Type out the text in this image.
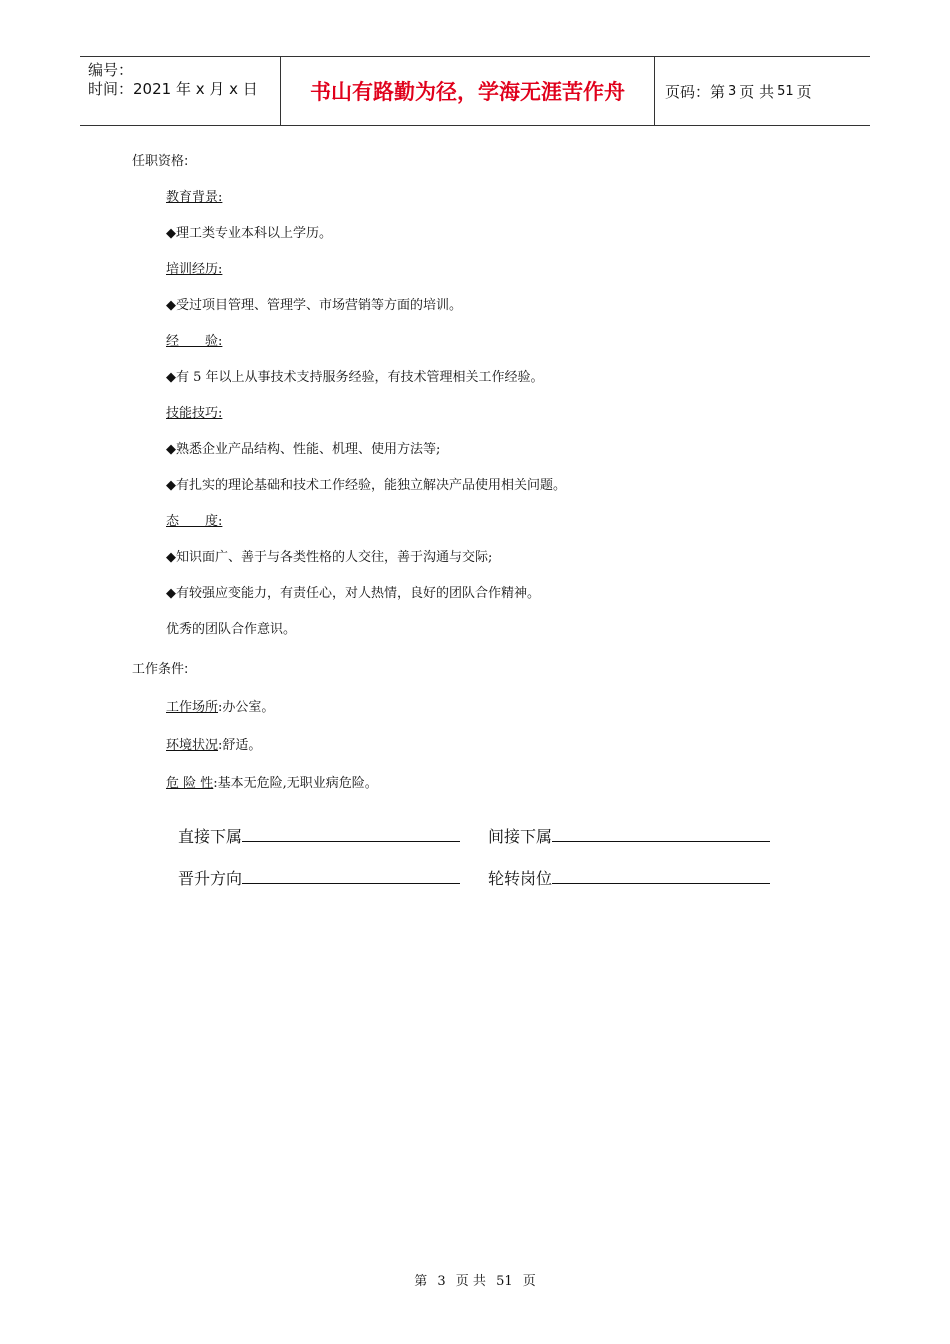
编号：
时间：2021 年 x 月 x 日	书山有路勤为径，学海无涯苦作舟	页码：第 3 页 共 51 页
任职资格:
教育背景:
◆理工类专业本科以上学历。
培训经历:
◆受过项目管理、管理学、市场营销等方面的培训。
经　　验:
◆有 5 年以上从事技术支持服务经验，有技术管理相关工作经验。
技能技巧:
◆熟悉企业产品结构、性能、机理、使用方法等;
◆有扎实的理论基础和技术工作经验，能独立解决产品使用相关问题。
态　　度:
◆知识面广、善于与各类性格的人交往，善于沟通与交际;
◆有较强应变能力，有责任心，对人热情，良好的团队合作精神。
优秀的团队合作意识。
工作条件:
工作场所:办公室。
环境状况:舒适。
危 险 性:基本无危险,无职业病危险。
直接下属	间接下属
晋升方向	轮转岗位
第 3 页 共 51 页
